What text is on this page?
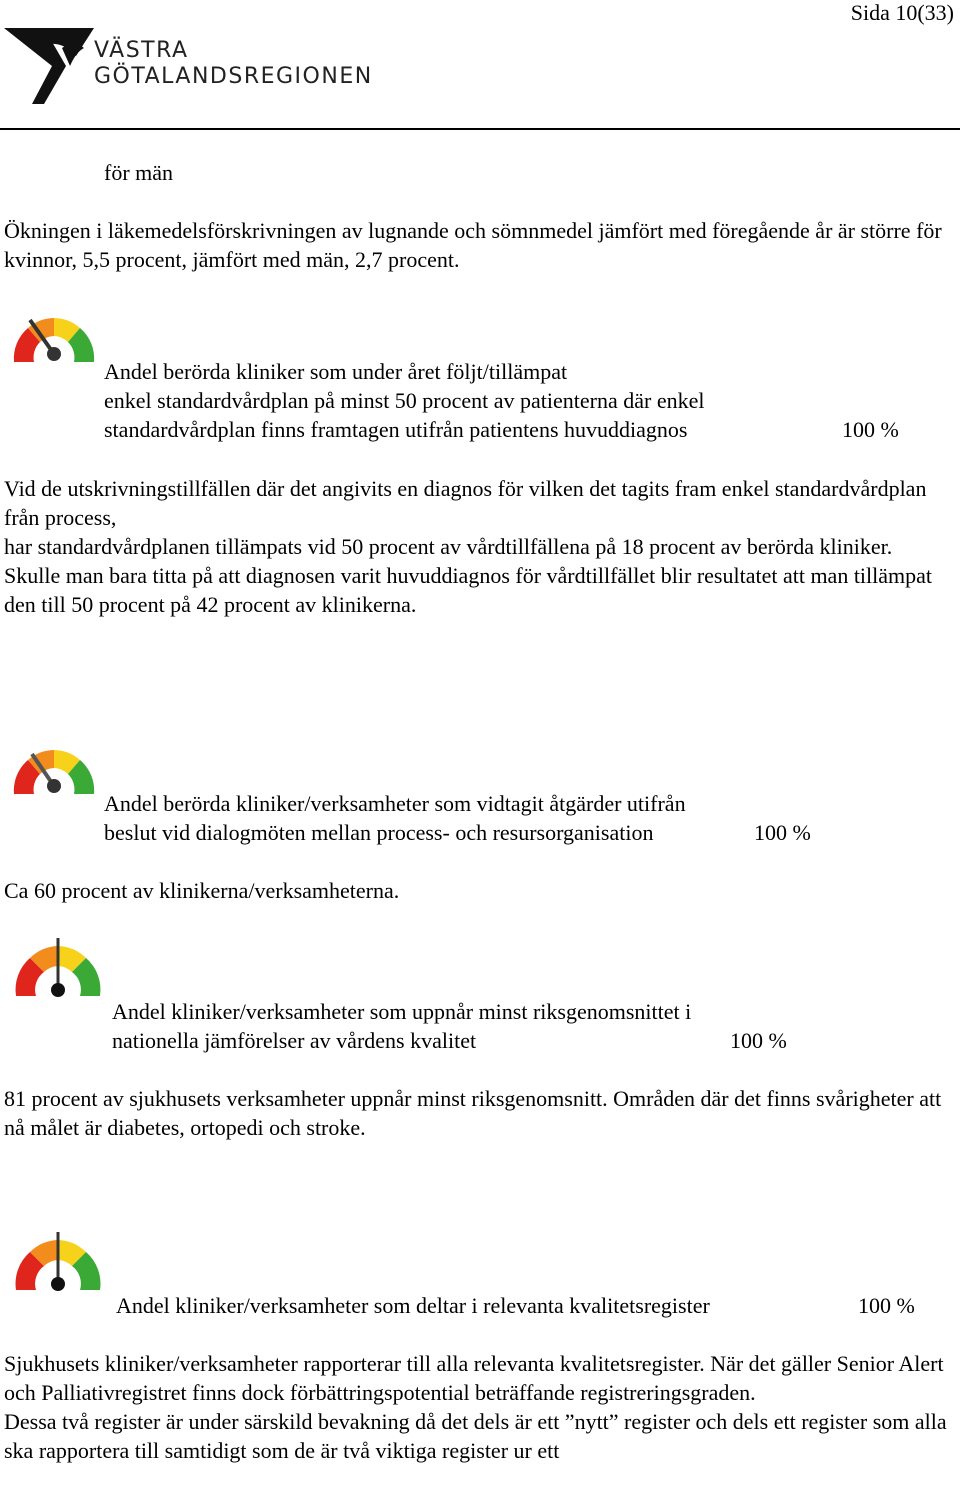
Sida 10(33)
VÄSTRA
GÖTALANDSREGIONEN
för män

Ökningen i läkemedelsförskrivningen av lugnande och sömnmedel jämfört med föregående år är större för kvinnor, 5,5 procent, jämfört med män, 2,7 procent.

Andel berörda kliniker som under året följt/tillämpat
enkel standardvårdplan på minst 50 procent av patienterna där enkel
standardvårdplan finns framtagen utifrån patientens huvuddiagnos	100 %
Vid de utskrivningstillfällen där det angivits en diagnos för vilken det tagits fram enkel standardvårdplan från process,
har standardvårdplanen tillämpats vid 50 procent av vårdtillfällena på 18 procent av berörda kliniker.
Skulle man bara titta på att diagnosen varit huvuddiagnos för vårdtillfället blir resultatet att man tillämpat den till 50 procent på 42 procent av klinikerna.
Andel berörda kliniker/verksamheter som vidtagit åtgärder utifrån
beslut vid dialogmöten mellan process- och resursorganisation	100 %

Ca 60 procent av klinikerna/verksamheterna.

Andel kliniker/verksamheter som uppnår minst riksgenomsnittet i
nationella jämförelser av vårdens kvalitet	100 %

81 procent av sjukhusets verksamheter uppnår minst riksgenomsnitt. Områden där det finns svårigheter att nå målet är diabetes, ortopedi och stroke.

Andel kliniker/verksamheter som deltar i relevanta kvalitetsregister	100 %
Sjukhusets kliniker/verksamheter rapporterar till alla relevanta kvalitetsregister. När det gäller Senior Alert och Palliativregistret finns dock förbättringspotential beträffande registreringsgraden.
Dessa två register är under särskild bevakning då det dels är ett ”nytt” register och dels ett register som alla ska rapportera till samtidigt som de är två viktiga register ur ett
